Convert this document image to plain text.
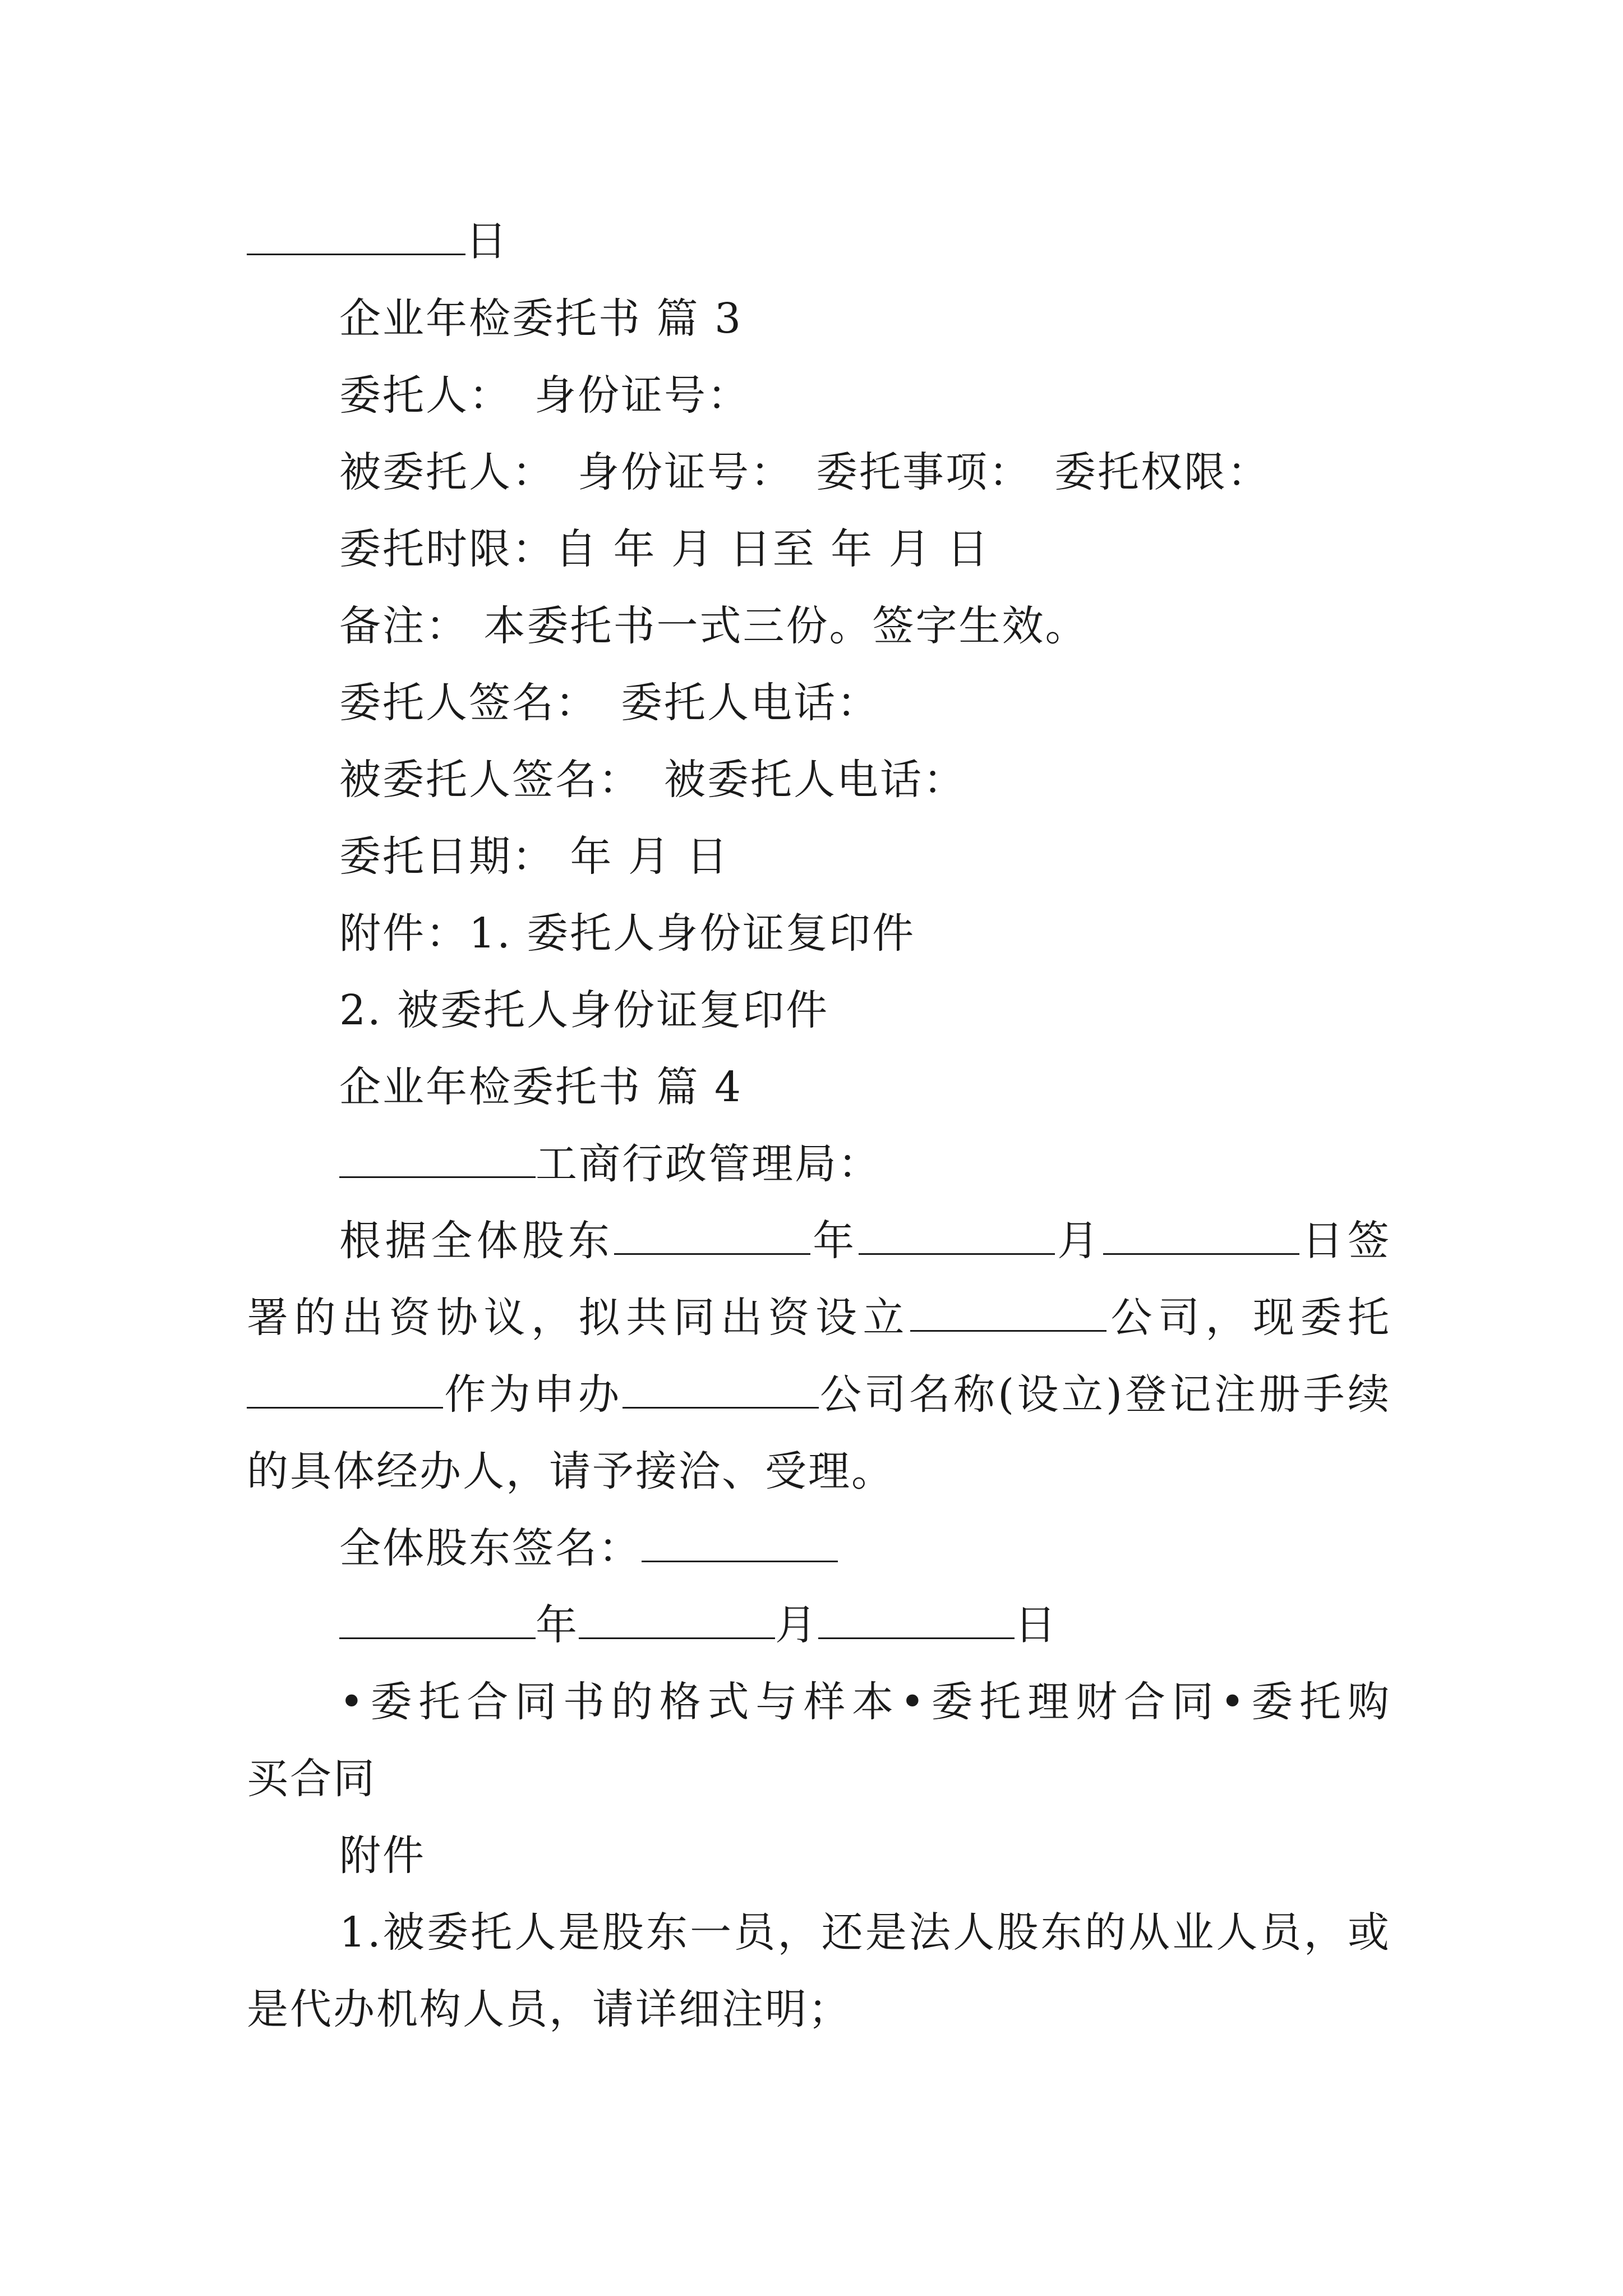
日
企业年检委托书 篇 3
委托人： 身份证号：
被委托人： 身份证号： 委托事项： 委托权限：
委托时限：自 年 月 日至 年 月 日
备注： 本委托书一式三份。签字生效。
委托人签名： 委托人电话：
被委托人签名： 被委托人电话：
委托日期： 年 月 日
附件：1. 委托人身份证复印件
2. 被委托人身份证复印件
企业年检委托书 篇 4
工商行政管理局：
根据全体股东	年	月	日签
署的出资协议，拟共同出资设立	公司，现委托
作为申办	公司名称(设立)登记注册手续
的具体经办人，请予接洽、受理。
全体股东签名：
年	月	日
•委托合同书的格式与样本•委托理财合同•委托购
买合同
附件
1.被委托人是股东一员，还是法人股东的从业人员，或
是代办机构人员，请详细注明；
